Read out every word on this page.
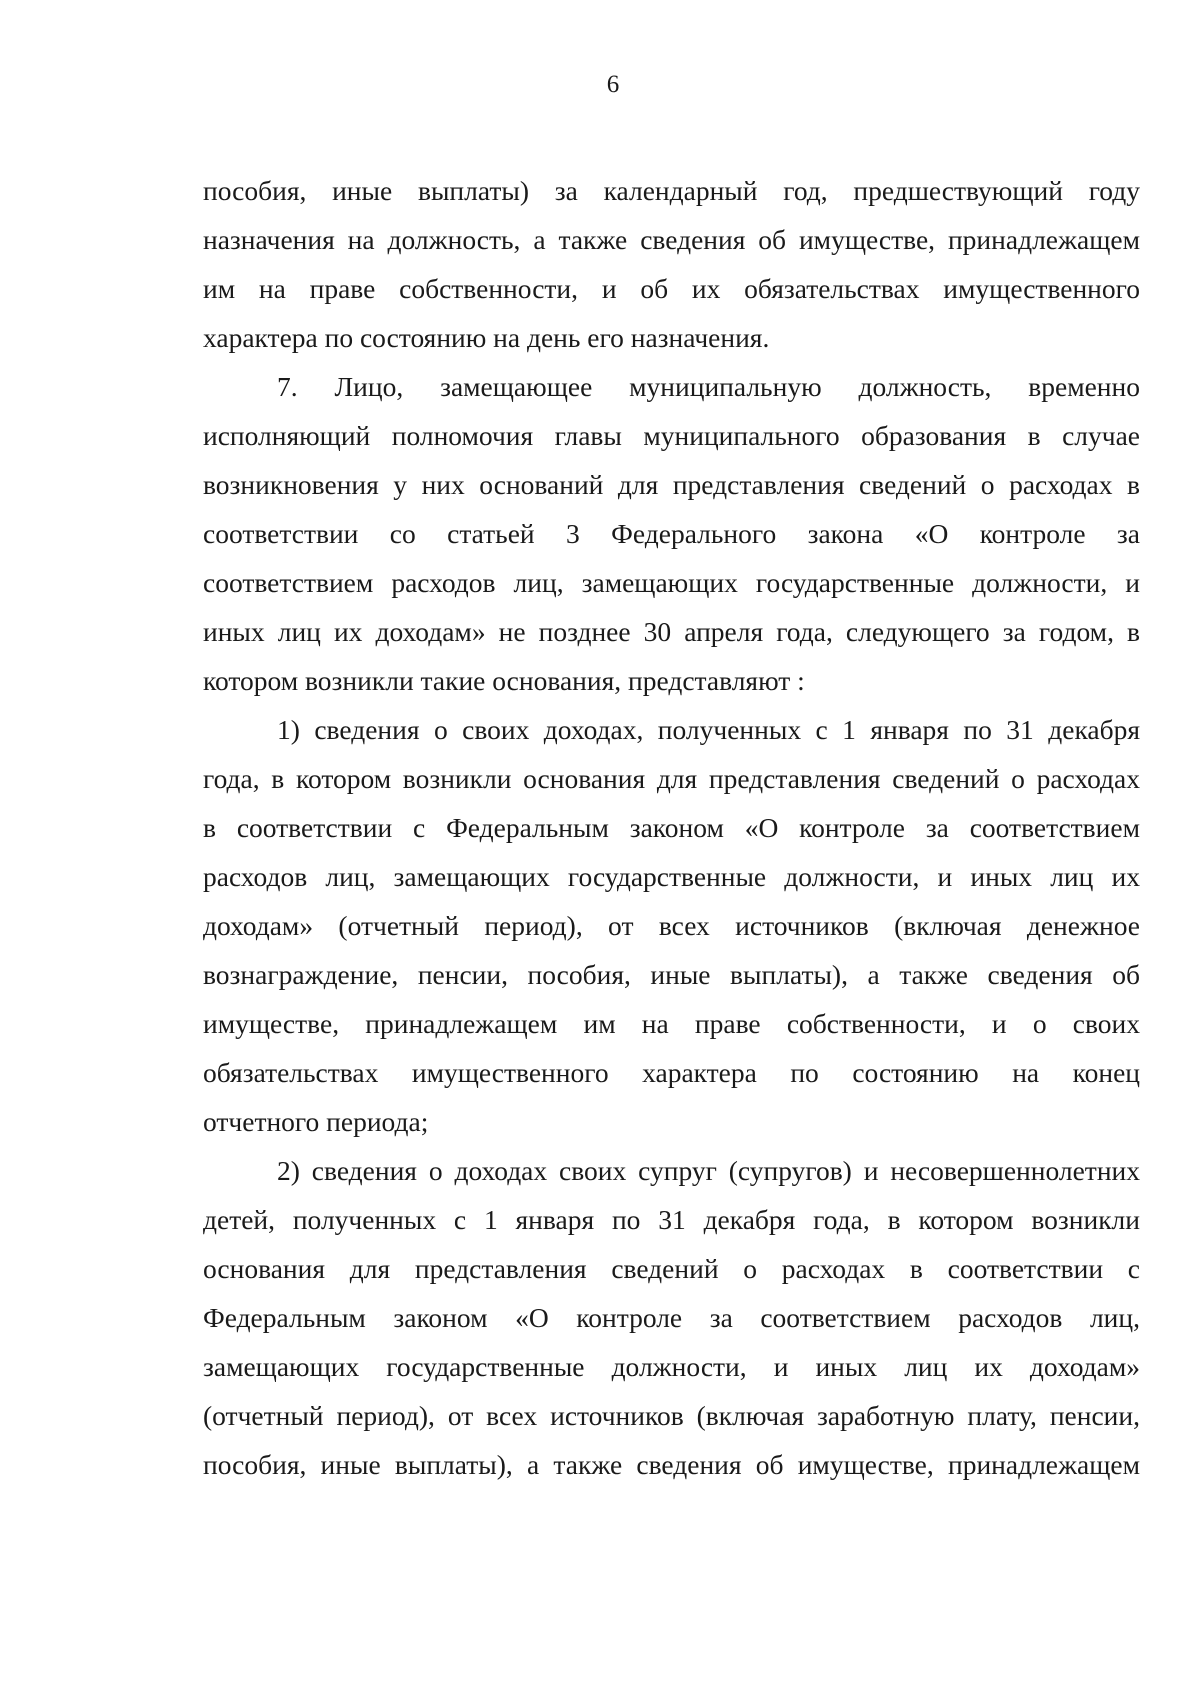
6
пособия, иные выплаты) за календарный год, предшествующий году
назначения на должность, а также сведения об имуществе, принадлежащем
им на праве собственности, и об их обязательствах имущественного
характера по состоянию на день его назначения.
7. Лицо, замещающее муниципальную должность, временно
исполняющий полномочия главы муниципального образования в случае
возникновения у них оснований для представления сведений о расходах в
соответствии со статьей 3 Федерального закона «О контроле за
соответствием расходов лиц, замещающих государственные должности, и
иных лиц их доходам» не позднее 30 апреля года, следующего за годом, в
котором возникли такие основания, представляют :
1) сведения о своих доходах, полученных с 1 января по 31 декабря
года, в котором возникли основания для представления сведений о расходах
в соответствии с Федеральным законом «О контроле за соответствием
расходов лиц, замещающих государственные должности, и иных лиц их
доходам» (отчетный период), от всех источников (включая денежное
вознаграждение, пенсии, пособия, иные выплаты), а также сведения об
имуществе, принадлежащем им на праве собственности, и о своих
обязательствах имущественного характера по состоянию на конец
отчетного периода;
2) сведения о доходах своих супруг (супругов) и несовершеннолетних
детей, полученных с 1 января по 31 декабря года, в котором возникли
основания для представления сведений о расходах в соответствии с
Федеральным законом «О контроле за соответствием расходов лиц,
замещающих государственные должности, и иных лиц их доходам»
(отчетный период), от всех источников (включая заработную плату, пенсии,
пособия, иные выплаты), а также сведения об имуществе, принадлежащем
